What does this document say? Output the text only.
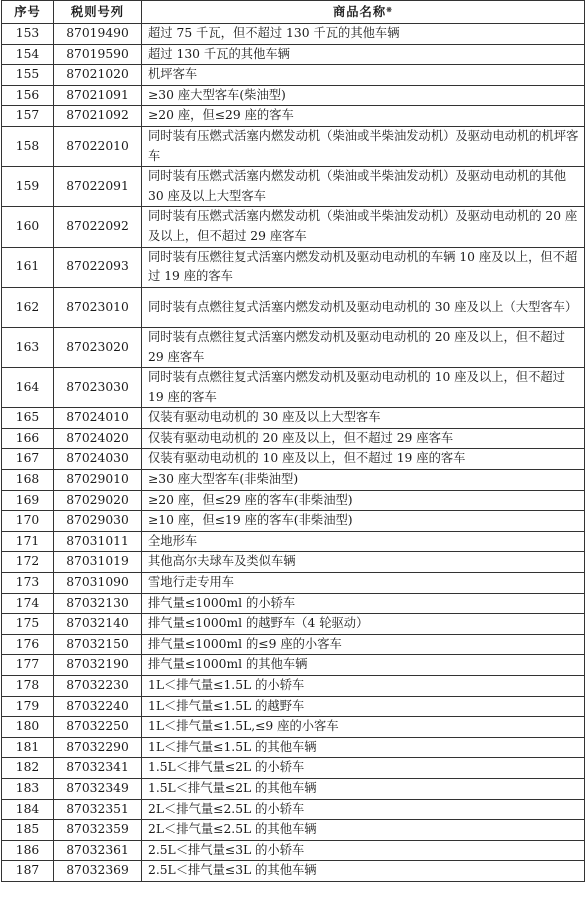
序号	税则号列	商品名称※
153	87019490	超过 75 千瓦，但不超过 130 千瓦的其他车辆
154	87019590	超过 130 千瓦的其他车辆
155	87021020	机坪客车
156	87021091	≥30 座大型客车(柴油型)
157	87021092	≥20 座，但≤29 座的客车
158	87022010	同时装有压燃式活塞内燃发动机（柴油或半柴油发动机）及驱动电动机的机坪客车
159	87022091	同时装有压燃式活塞内燃发动机（柴油或半柴油发动机）及驱动电动机的其他 30 座及以上大型客车
160	87022092	同时装有压燃式活塞内燃发动机（柴油或半柴油发动机）及驱动电动机的 20 座及以上，但不超过 29 座客车
161	87022093	同时装有压燃往复式活塞内燃发动机及驱动电动机的车辆 10 座及以上，但不超过 19 座的客车
162	87023010	同时装有点燃往复式活塞内燃发动机及驱动电动机的 30 座及以上（大型客车）
163	87023020	同时装有点燃往复式活塞内燃发动机及驱动电动机的 20 座及以上，但不超过 29 座客车
164	87023030	同时装有点燃往复式活塞内燃发动机及驱动电动机的 10 座及以上，但不超过 19 座的客车
165	87024010	仅装有驱动电动机的 30 座及以上大型客车
166	87024020	仅装有驱动电动机的 20 座及以上，但不超过 29 座客车
167	87024030	仅装有驱动电动机的 10 座及以上，但不超过 19 座的客车
168	87029010	≥30 座大型客车(非柴油型)
169	87029020	≥20 座，但≤29 座的客车(非柴油型)
170	87029030	≥10 座，但≤19 座的客车(非柴油型)
171	87031011	全地形车
172	87031019	其他高尔夫球车及类似车辆
173	87031090	雪地行走专用车
174	87032130	排气量≤1000ml 的小轿车
175	87032140	排气量≤1000ml 的越野车（4 轮驱动）
176	87032150	排气量≤1000ml 的≤9 座的小客车
177	87032190	排气量≤1000ml 的其他车辆
178	87032230	1L＜排气量≤1.5L 的小轿车
179	87032240	1L＜排气量≤1.5L 的越野车
180	87032250	1L＜排气量≤1.5L,≤9 座的小客车
181	87032290	1L＜排气量≤1.5L 的其他车辆
182	87032341	1.5L＜排气量≤2L 的小轿车
183	87032349	1.5L＜排气量≤2L 的其他车辆
184	87032351	2L＜排气量≤2.5L 的小轿车
185	87032359	2L＜排气量≤2.5L 的其他车辆
186	87032361	2.5L＜排气量≤3L 的小轿车
187	87032369	2.5L＜排气量≤3L 的其他车辆
